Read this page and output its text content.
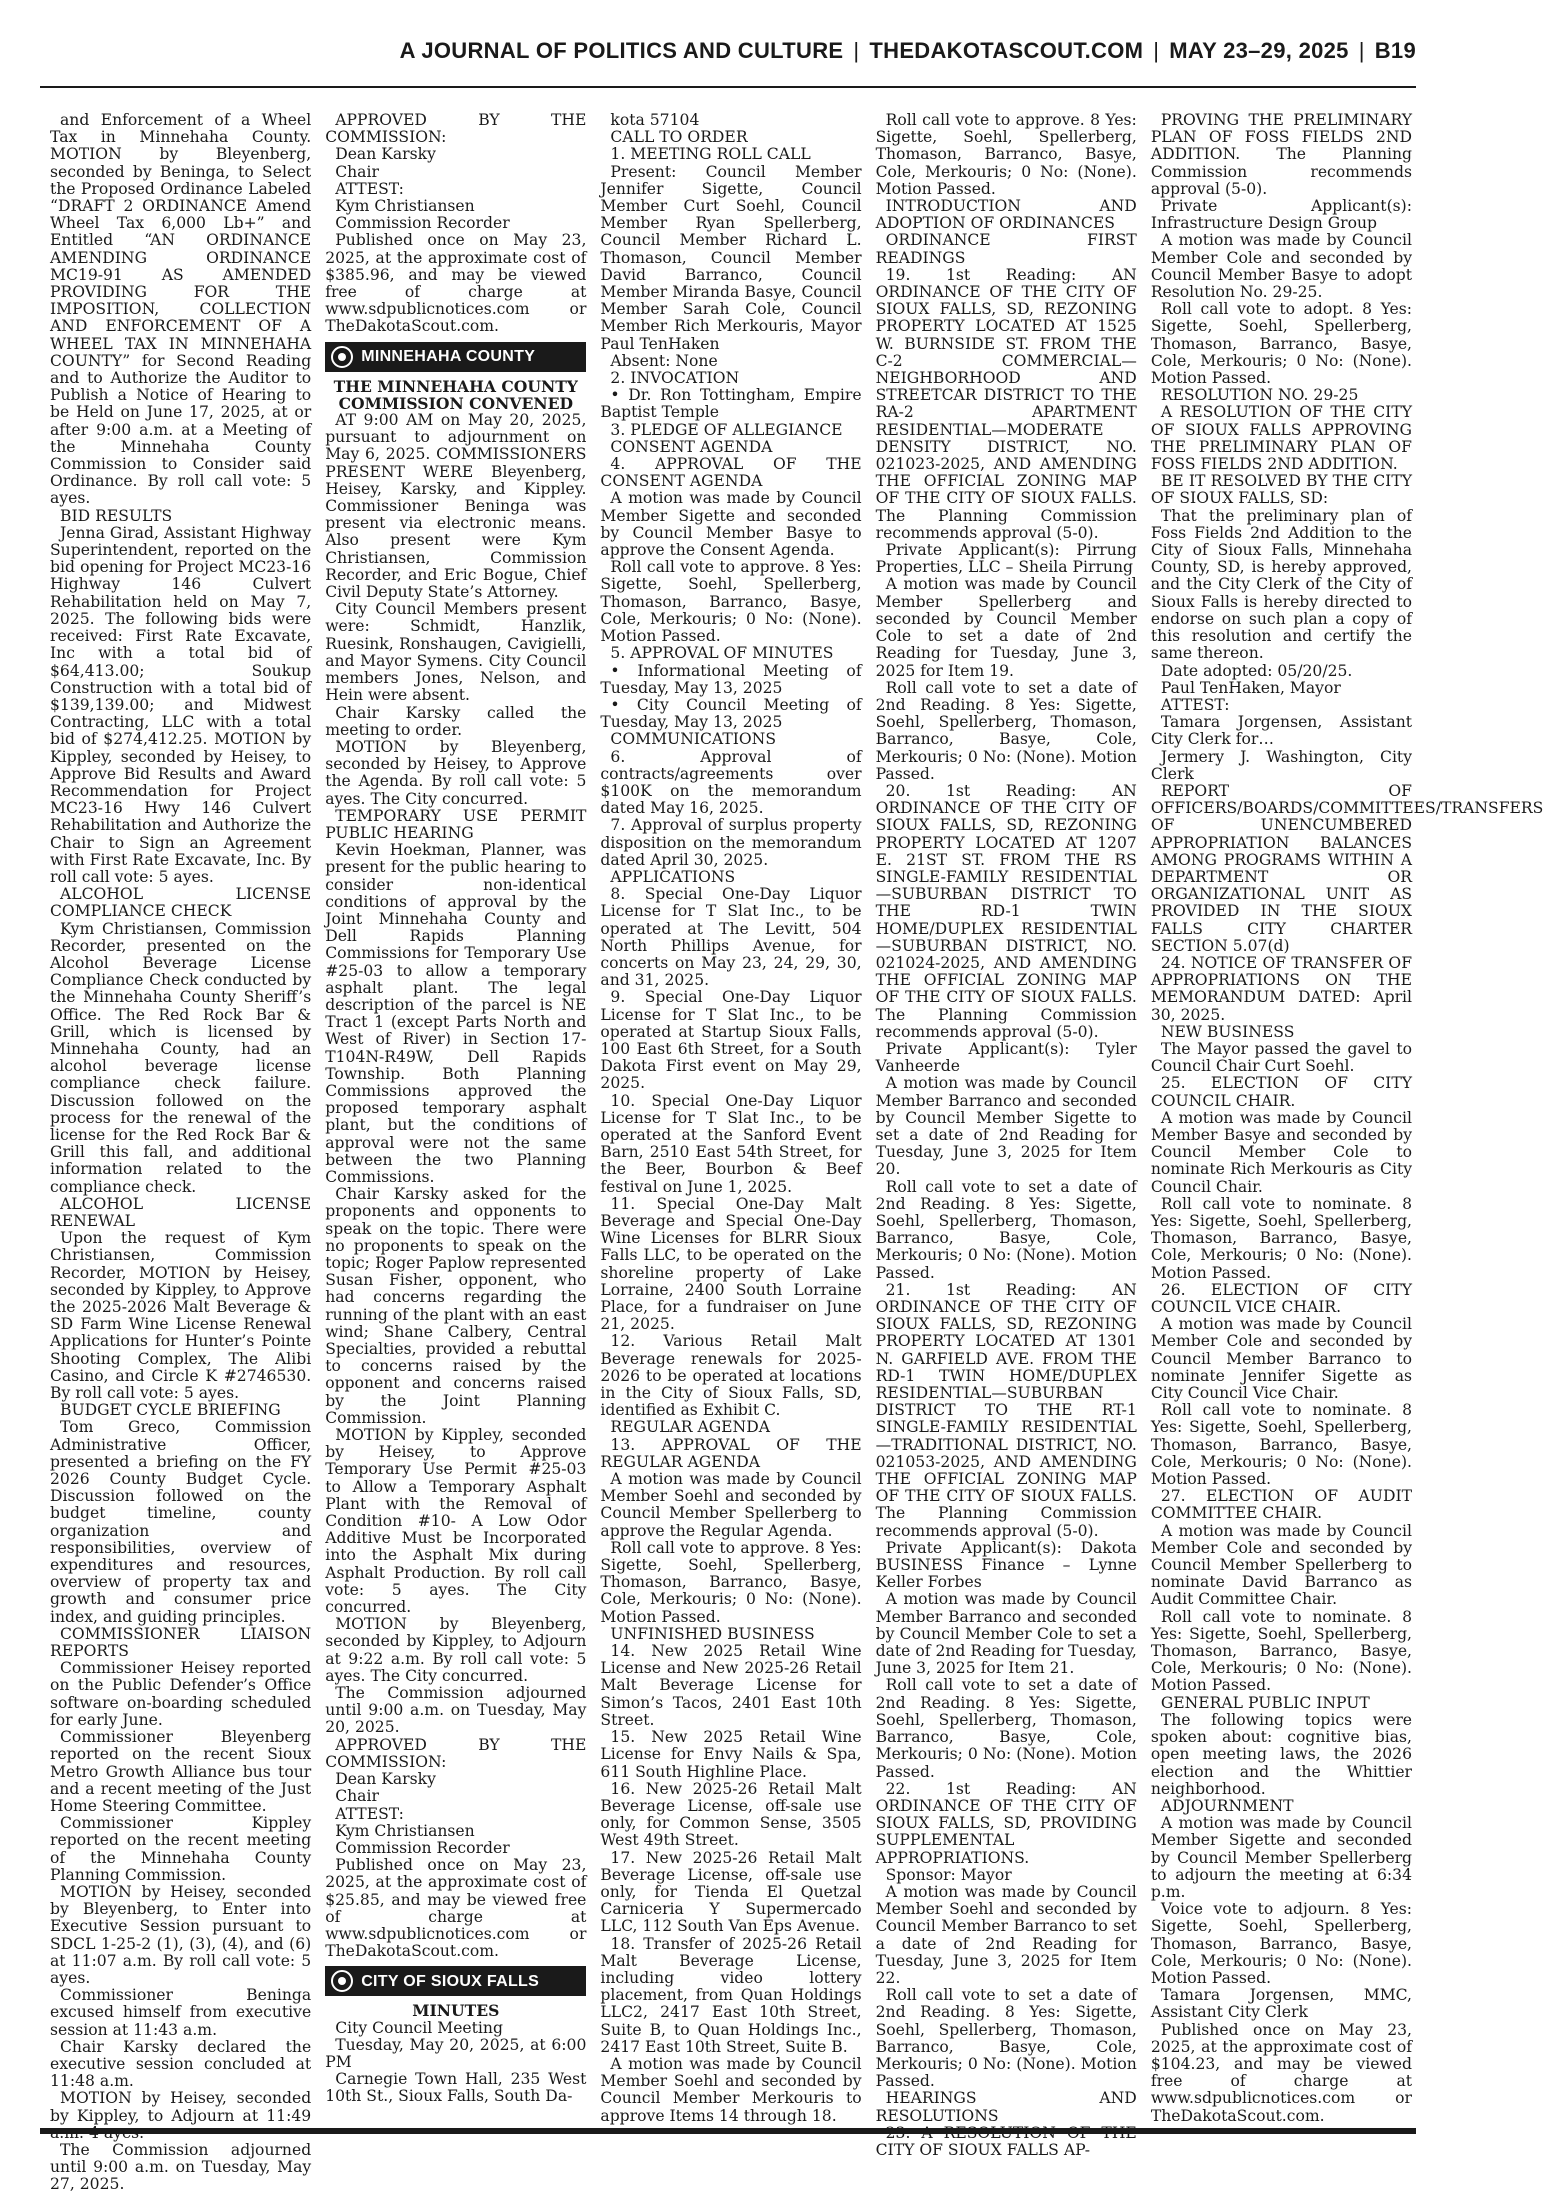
A JOURNAL OF POLITICS AND CULTURE | THEDAKOTASCOUT.COM | MAY 23–29, 2025 | B19

and Enforcement of a Wheel Tax in Minnehaha County. MOTION by Bleyenberg, seconded by Beninga, to Select the Proposed Ordinance Labeled “DRAFT 2 ORDINANCE Amend Wheel Tax 6,000 Lb+” and Entitled “AN ORDINANCE AMENDING ORDINANCE MC19-91 AS AMENDED PROVIDING FOR THE IMPOSITION, COLLECTION AND ENFORCEMENT OF A WHEEL TAX IN MINNEHAHA COUNTY” for Second Reading and to Authorize the Auditor to Publish a Notice of Hearing to be Held on June 17, 2025, at or after 9:00 a.m. at a Meeting of the Minnehaha County Commission to Consider said Ordinance. By roll call vote: 5 ayes.

BID RESULTS

Jenna Girad, Assistant Highway Superintendent, reported on the bid opening for Project MC23-16 Highway 146 Culvert Rehabilitation held on May 7, 2025. The following bids were received: First Rate Excavate, Inc with a total bid of $64,413.00; Soukup Construction with a total bid of $139,139.00; and Midwest Contracting, LLC with a total bid of $274,412.25. MOTION by Kippley, seconded by Heisey, to Approve Bid Results and Award Recommendation for Project MC23-16 Hwy 146 Culvert Rehabilitation and Authorize the Chair to Sign an Agreement with First Rate Excavate, Inc. By roll call vote: 5 ayes.

ALCOHOL LICENSE COMPLIANCE CHECK

Kym Christiansen, Commission Recorder, presented on the Alcohol Beverage License Compliance Check conducted by the Minnehaha County Sheriff’s Office. The Red Rock Bar & Grill, which is licensed by Minnehaha County, had an alcohol beverage license compliance check failure. Discussion followed on the process for the renewal of the license for the Red Rock Bar & Grill this fall, and additional information related to the compliance check.

ALCOHOL LICENSE RENEWAL

Upon the request of Kym Christiansen, Commission Recorder, MOTION by Heisey, seconded by Kippley, to Approve the 2025-2026 Malt Beverage & SD Farm Wine License Renewal Applications for Hunter’s Pointe Shooting Complex, The Alibi Casino, and Circle K #2746530. By roll call vote: 5 ayes.

BUDGET CYCLE BRIEFING

Tom Greco, Commission Administrative Officer, presented a briefing on the FY 2026 County Budget Cycle. Discussion followed on the budget timeline, county organization and responsibilities, overview of expenditures and resources, overview of property tax and growth and consumer price index, and guiding principles.

COMMISSIONER LIAISON REPORTS

Commissioner Heisey reported on the Public Defender’s Office software on-boarding scheduled for early June.

Commissioner Bleyenberg reported on the recent Sioux Metro Growth Alliance bus tour and a recent meeting of the Just Home Steering Committee.

Commissioner Kippley reported on the recent meeting of the Minnehaha County Planning Commission.

MOTION by Heisey, seconded by Bleyenberg, to Enter into Executive Session pursuant to SDCL 1-25-2 (1), (3), (4), and (6) at 11:07 a.m. By roll call vote: 5 ayes.

Commissioner Beninga excused himself from executive session at 11:43 a.m.

Chair Karsky declared the executive session concluded at 11:48 a.m.

MOTION by Heisey, seconded by Kippley, to Adjourn at 11:49 a.m. 4 ayes.

The Commission adjourned until 9:00 a.m. on Tuesday, May 27, 2025.

APPROVED BY THE COMMISSION:

Dean Karsky

Chair

ATTEST:

Kym Christiansen

Commission Recorder

Published once on May 23, 2025, at the approximate cost of $385.96, and may be viewed free of charge at www.sdpublicnotices.com or TheDakotaScout.com.

MINNEHAHA COUNTY

THE MINNEHAHA COUNTY COMMISSION CONVENED

AT 9:00 AM on May 20, 2025, pursuant to adjournment on May 6, 2025. COMMISSIONERS PRESENT WERE Bleyenberg, Heisey, Karsky, and Kippley. Commissioner Beninga was present via electronic means. Also present were Kym Christiansen, Commission Recorder, and Eric Bogue, Chief Civil Deputy State’s Attorney.

City Council Members present were: Schmidt, Hanzlik, Ruesink, Ronshaugen, Cavigielli, and Mayor Symens. City Council members Jones, Nelson, and Hein were absent.

Chair Karsky called the meeting to order.

MOTION by Bleyenberg, seconded by Heisey, to Approve the Agenda. By roll call vote: 5 ayes. The City concurred.

TEMPORARY USE PERMIT PUBLIC HEARING

Kevin Hoekman, Planner, was present for the public hearing to consider non-identical conditions of approval by the Joint Minnehaha County and Dell Rapids Planning Commissions for Temporary Use #25-03 to allow a temporary asphalt plant. The legal description of the parcel is NE Tract 1 (except Parts North and West of River) in Section 17-T104N-R49W, Dell Rapids Township. Both Planning Commissions approved the proposed temporary asphalt plant, but the conditions of approval were not the same between the two Planning Commissions.

Chair Karsky asked for the proponents and opponents to speak on the topic. There were no proponents to speak on the topic; Roger Paplow represented Susan Fisher, opponent, who had concerns regarding the running of the plant with an east wind; Shane Calbery, Central Specialties, provided a rebuttal to concerns raised by the opponent and concerns raised by the Joint Planning Commission.

MOTION by Kippley, seconded by Heisey, to Approve Temporary Use Permit #25-03 to Allow a Temporary Asphalt Plant with the Removal of Condition #10- A Low Odor Additive Must be Incorporated into the Asphalt Mix during Asphalt Production. By roll call vote: 5 ayes. The City concurred.

MOTION by Bleyenberg, seconded by Kippley, to Adjourn at 9:22 a.m. By roll call vote: 5 ayes. The City concurred.

The Commission adjourned until 9:00 a.m. on Tuesday, May 20, 2025.

APPROVED BY THE COMMISSION:

Dean Karsky

Chair

ATTEST:

Kym Christiansen

Commission Recorder

Published once on May 23, 2025, at the approximate cost of $25.85, and may be viewed free of charge at www.sdpublicnotices.com or TheDakotaScout.com.

CITY OF SIOUX FALLS

MINUTES

City Council Meeting

Tuesday, May 20, 2025, at 6:00 PM

Carnegie Town Hall, 235 West 10th St., Sioux Falls, South Da-

kota 57104

CALL TO ORDER

1. MEETING ROLL CALL

Present: Council Member Jennifer Sigette, Council Member Curt Soehl, Council Member Ryan Spellerberg, Council Member Richard L. Thomason, Council Member David Barranco, Council Member Miranda Basye, Council Member Sarah Cole, Council Member Rich Merkouris, Mayor Paul TenHaken

Absent: None

2. INVOCATION

• Dr. Ron Tottingham, Empire Baptist Temple

3. PLEDGE OF ALLEGIANCE

CONSENT AGENDA

4. APPROVAL OF THE CONSENT AGENDA

A motion was made by Council Member Sigette and seconded by Council Member Basye to approve the Consent Agenda.

Roll call vote to approve. 8 Yes: Sigette, Soehl, Spellerberg, Thomason, Barranco, Basye, Cole, Merkouris; 0 No: (None). Motion Passed.

5. APPROVAL OF MINUTES

• Informational Meeting of Tuesday, May 13, 2025

• City Council Meeting of Tuesday, May 13, 2025

COMMUNICATIONS

6. Approval of contracts/agreements over $100K on the memorandum dated May 16, 2025.

7. Approval of surplus property disposition on the memorandum dated April 30, 2025.

APPLICATIONS

8. Special One-Day Liquor License for T Slat Inc., to be operated at The Levitt, 504 North Phillips Avenue, for concerts on May 23, 24, 29, 30, and 31, 2025.

9. Special One-Day Liquor License for T Slat Inc., to be operated at Startup Sioux Falls, 100 East 6th Street, for a South Dakota First event on May 29, 2025.

10. Special One-Day Liquor License for T Slat Inc., to be operated at the Sanford Event Barn, 2510 East 54th Street, for the Beer, Bourbon & Beef festival on June 1, 2025.

11. Special One-Day Malt Beverage and Special One-Day Wine Licenses for BLRR Sioux Falls LLC, to be operated on the shoreline property of Lake Lorraine, 2400 South Lorraine Place, for a fundraiser on June 21, 2025.

12. Various Retail Malt Beverage renewals for 2025-2026 to be operated at locations in the City of Sioux Falls, SD, identified as Exhibit C.

REGULAR AGENDA

13. APPROVAL OF THE REGULAR AGENDA

A motion was made by Council Member Soehl and seconded by Council Member Spellerberg to approve the Regular Agenda.

Roll call vote to approve. 8 Yes: Sigette, Soehl, Spellerberg, Thomason, Barranco, Basye, Cole, Merkouris; 0 No: (None). Motion Passed.

UNFINISHED BUSINESS

14. New 2025 Retail Wine License and New 2025-26 Retail Malt Beverage License for Simon’s Tacos, 2401 East 10th Street.

15. New 2025 Retail Wine License for Envy Nails & Spa, 611 South Highline Place.

16. New 2025-26 Retail Malt Beverage License, off-sale use only, for Common Sense, 3505 West 49th Street.

17. New 2025-26 Retail Malt Beverage License, off-sale use only, for Tienda El Quetzal Carniceria Y Supermercado LLC, 112 South Van Eps Avenue.

18. Transfer of 2025-26 Retail Malt Beverage License, including video lottery placement, from Quan Holdings LLC2, 2417 East 10th Street, Suite B, to Quan Holdings Inc., 2417 East 10th Street, Suite B.

A motion was made by Council Member Soehl and seconded by Council Member Merkouris to approve Items 14 through 18.

Roll call vote to approve. 8 Yes: Sigette, Soehl, Spellerberg, Thomason, Barranco, Basye, Cole, Merkouris; 0 No: (None). Motion Passed.

INTRODUCTION AND ADOPTION OF ORDINANCES

ORDINANCE FIRST READINGS

19. 1st Reading: AN ORDINANCE OF THE CITY OF SIOUX FALLS, SD, REZONING PROPERTY LOCATED AT 1525 W. BURNSIDE ST. FROM THE C-2 COMMERCIAL—NEIGHBORHOOD AND STREETCAR DISTRICT TO THE RA-2 APARTMENT RESIDENTIAL—MODERATE DENSITY DISTRICT, NO. 021023-2025, AND AMENDING THE OFFICIAL ZONING MAP OF THE CITY OF SIOUX FALLS. The Planning Commission recommends approval (5-0).

Private Applicant(s): Pirrung Properties, LLC – Sheila Pirrung

A motion was made by Council Member Spellerberg and seconded by Council Member Cole to set a date of 2nd Reading for Tuesday, June 3, 2025 for Item 19.

Roll call vote to set a date of 2nd Reading. 8 Yes: Sigette, Soehl, Spellerberg, Thomason, Barranco, Basye, Cole, Merkouris; 0 No: (None). Motion Passed.

20. 1st Reading: AN ORDINANCE OF THE CITY OF SIOUX FALLS, SD, REZONING PROPERTY LOCATED AT 1207 E. 21ST ST. FROM THE RS SINGLE-FAMILY RESIDENTIAL—SUBURBAN DISTRICT TO THE RD-1 TWIN HOME/DUPLEX RESIDENTIAL—SUBURBAN DISTRICT, NO. 021024-2025, AND AMENDING THE OFFICIAL ZONING MAP OF THE CITY OF SIOUX FALLS. The Planning Commission recommends approval (5-0).

Private Applicant(s): Tyler Vanheerde

A motion was made by Council Member Barranco and seconded by Council Member Sigette to set a date of 2nd Reading for Tuesday, June 3, 2025 for Item 20.

Roll call vote to set a date of 2nd Reading. 8 Yes: Sigette, Soehl, Spellerberg, Thomason, Barranco, Basye, Cole, Merkouris; 0 No: (None). Motion Passed.

21. 1st Reading: AN ORDINANCE OF THE CITY OF SIOUX FALLS, SD, REZONING PROPERTY LOCATED AT 1301 N. GARFIELD AVE. FROM THE RD-1 TWIN HOME/DUPLEX RESIDENTIAL—SUBURBAN DISTRICT TO THE RT-1 SINGLE-FAMILY RESIDENTIAL—TRADITIONAL DISTRICT, NO. 021053-2025, AND AMENDING THE OFFICIAL ZONING MAP OF THE CITY OF SIOUX FALLS. The Planning Commission recommends approval (5-0).

Private Applicant(s): Dakota BUSINESS Finance – Lynne Keller Forbes

A motion was made by Council Member Barranco and seconded by Council Member Cole to set a date of 2nd Reading for Tuesday, June 3, 2025 for Item 21.

Roll call vote to set a date of 2nd Reading. 8 Yes: Sigette, Soehl, Spellerberg, Thomason, Barranco, Basye, Cole, Merkouris; 0 No: (None). Motion Passed.

22. 1st Reading: AN ORDINANCE OF THE CITY OF SIOUX FALLS, SD, PROVIDING SUPPLEMENTAL APPROPRIATIONS.

Sponsor: Mayor

A motion was made by Council Member Soehl and seconded by Council Member Barranco to set a date of 2nd Reading for Tuesday, June 3, 2025 for Item 22.

Roll call vote to set a date of 2nd Reading. 8 Yes: Sigette, Soehl, Spellerberg, Thomason, Barranco, Basye, Cole, Merkouris; 0 No: (None). Motion Passed.

HEARINGS AND RESOLUTIONS

23. A RESOLUTION OF THE CITY OF SIOUX FALLS AP-

PROVING THE PRELIMINARY PLAN OF FOSS FIELDS 2ND ADDITION. The Planning Commission recommends approval (5-0).

Private Applicant(s): Infrastructure Design Group

A motion was made by Council Member Cole and seconded by Council Member Basye to adopt Resolution No. 29-25.

Roll call vote to adopt. 8 Yes: Sigette, Soehl, Spellerberg, Thomason, Barranco, Basye, Cole, Merkouris; 0 No: (None). Motion Passed.

RESOLUTION NO. 29-25

A RESOLUTION OF THE CITY OF SIOUX FALLS APPROVING THE PRELIMINARY PLAN OF FOSS FIELDS 2ND ADDITION.

BE IT RESOLVED BY THE CITY OF SIOUX FALLS, SD:

That the preliminary plan of Foss Fields 2nd Addition to the City of Sioux Falls, Minnehaha County, SD, is hereby approved, and the City Clerk of the City of Sioux Falls is hereby directed to endorse on such plan a copy of this resolution and certify the same thereon.

Date adopted: 05/20/25.

Paul TenHaken, Mayor

ATTEST:

Tamara Jorgensen, Assistant City Clerk for…

Jermery J. Washington, City Clerk

REPORT OF OFFICERS/BOARDS/COMMITTEES/TRANSFERS OF UNENCUMBERED APPROPRIATION BALANCES AMONG PROGRAMS WITHIN A DEPARTMENT OR ORGANIZATIONAL UNIT AS PROVIDED IN THE SIOUX FALLS CITY CHARTER SECTION 5.07(d)

24. NOTICE OF TRANSFER OF APPROPRIATIONS ON THE MEMORANDUM DATED: April 30, 2025.

NEW BUSINESS

The Mayor passed the gavel to Council Chair Curt Soehl.

25. ELECTION OF CITY COUNCIL CHAIR.

A motion was made by Council Member Basye and seconded by Council Member Cole to nominate Rich Merkouris as City Council Chair.

Roll call vote to nominate. 8 Yes: Sigette, Soehl, Spellerberg, Thomason, Barranco, Basye, Cole, Merkouris; 0 No: (None). Motion Passed.

26. ELECTION OF CITY COUNCIL VICE CHAIR.

A motion was made by Council Member Cole and seconded by Council Member Barranco to nominate Jennifer Sigette as City Council Vice Chair.

Roll call vote to nominate. 8 Yes: Sigette, Soehl, Spellerberg, Thomason, Barranco, Basye, Cole, Merkouris; 0 No: (None). Motion Passed.

27. ELECTION OF AUDIT COMMITTEE CHAIR.

A motion was made by Council Member Cole and seconded by Council Member Spellerberg to nominate David Barranco as Audit Committee Chair.

Roll call vote to nominate. 8 Yes: Sigette, Soehl, Spellerberg, Thomason, Barranco, Basye, Cole, Merkouris; 0 No: (None). Motion Passed.

GENERAL PUBLIC INPUT

The following topics were spoken about: cognitive bias, open meeting laws, the 2026 election and the Whittier neighborhood.

ADJOURNMENT

A motion was made by Council Member Sigette and seconded by Council Member Spellerberg to adjourn the meeting at 6:34 p.m.

Voice vote to adjourn. 8 Yes: Sigette, Soehl, Spellerberg, Thomason, Barranco, Basye, Cole, Merkouris; 0 No: (None). Motion Passed.

Tamara Jorgensen, MMC, Assistant City Clerk

Published once on May 23, 2025, at the approximate cost of $104.23, and may be viewed free of charge at www.sdpublicnotices.com or TheDakotaScout.com.
